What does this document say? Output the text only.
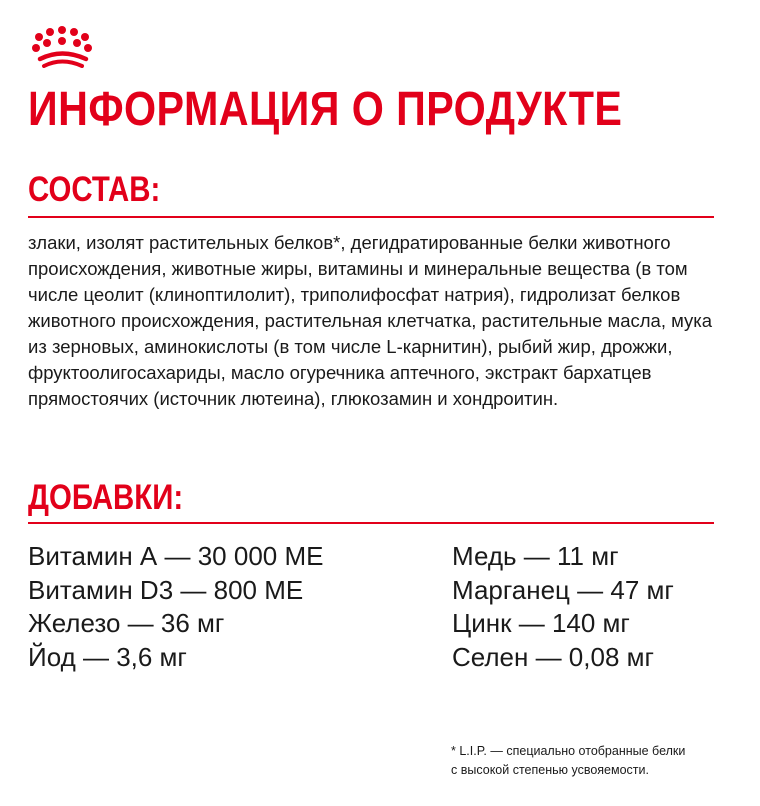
ИНФОРМАЦИЯ О ПРОДУКТЕ
СОСТАВ:

злаки, изолят растительных белков*, дегидратированные белки животного происхождения, животные жиры, витамины и минеральные вещества (в том числе цеолит (клиноптилолит), триполифосфат натрия), гидролизат белков животного происхождения, растительная клетчатка, растительные масла, мука из зерновых, аминокислоты (в том числе L-карнитин), рыбий жир, дрожжи, фруктоолигосахариды, масло огуречника аптечного, экстракт бархатцев прямостоячих (источник лютеина), глюкозамин и хондроитин.

ДОБАВКИ:
Витамин А — 30 000 МЕ
Витамин D3 — 800 МЕ
Железо — 36 мг
Йод — 3,6 мг
Медь — 11 мг
Марганец — 47 мг
Цинк — 140 мг
Селен — 0,08 мг
* L.I.P. — специально отобранные белки
с высокой степенью усвояемости.
